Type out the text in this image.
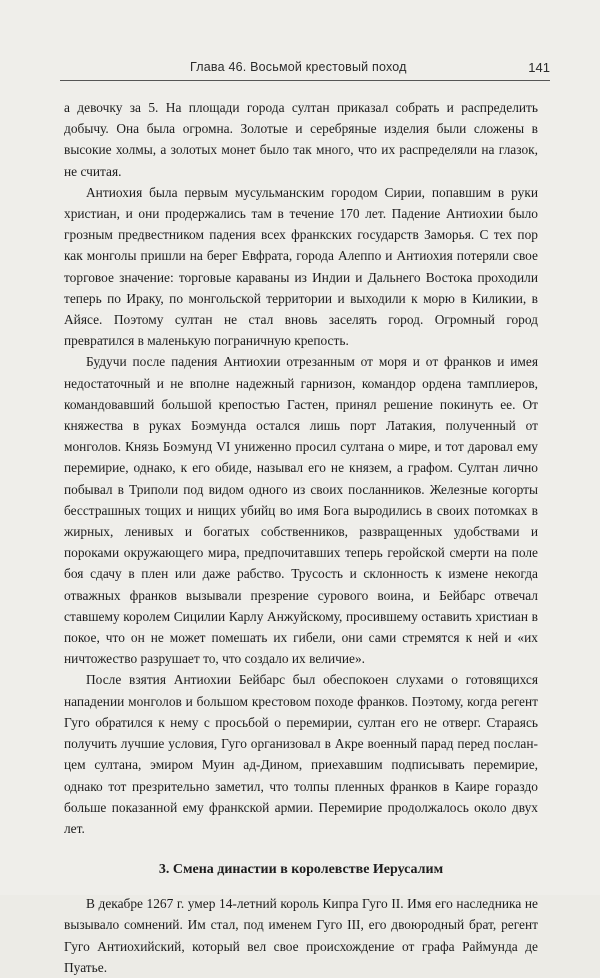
Глава 46. Восьмой крестовый поход	141

а девочку за 5. На площади города султан приказал собрать и распределить добычу. Она была огромна. Золотые и серебряные изделия были сложены в высокие холмы, а золотых монет было так много, что их распределяли на глазок, не считая.

Антиохия была первым мусульманским городом Сирии, попавшим в руки христиан, и они продержались там в течение 170 лет. Падение Антиохии было грозным предвестником падения всех франкских государств Заморья. С тех пор как монголы пришли на берег Евфрата, города Алеппо и Антиохия потеряли свое торговое значение: торговые караваны из Индии и Дальнего Востока проходили теперь по Ираку, по монгольской территории и выходили к морю в Киликии, в Айясе. Поэтому султан не стал вновь заселять город. Огромный город превратился в маленькую пограничную крепость.

Будучи после падения Антиохии отрезанным от моря и от франков и имея недостаточный и не вполне надежный гарнизон, командор ордена тамплиеров, командовавший большой крепостью Гастен, принял решение покинуть ее. От княжества в руках Боэмунда остался лишь порт Латакия, полученный от монголов. Князь Боэмунд VI униженно просил султана о мире, и тот даровал ему перемирие, однако, к его обиде, называл его не князем, а графом. Султан лично побывал в Триполи под видом одного из своих посланников. Железные когорты бесстрашных тощих и нищих убийц во имя Бога выродились в своих потомках в жирных, ленивых и богатых собственников, развращенных удобствами и пороками окружающего мира, предпочитавших теперь геройской смерти на поле боя сдачу в плен или даже рабство. Трусость и склонность к измене некогда отважных франков вызывали презрение сурового воина, и Бейбарс отвечал ставшему королем Сицилии Карлу Анжуйскому, просившему оставить христиан в покое, что он не может помешать их гибели, они сами стремятся к ней и «их ничтожество разрушает то, что создало их величие».

После взятия Антиохии Бейбарс был обеспокоен слухами о готовящихся нападении монголов и большом крестовом походе франков. Поэтому, когда регент Гуго обратился к нему с просьбой о перемирии, султан его не отверг. Стараясь получить лучшие условия, Гуго организовал в Акре военный парад перед посланцем султана, эмиром Муин ад-Дином, приехавшим подписывать перемирие, однако тот презрительно заметил, что толпы пленных франков в Каире гораздо больше показанной ему франкской армии. Перемирие продолжалось около двух лет.

3. Смена династии в королевстве Иерусалим

В декабре 1267 г. умер 14-летний король Кипра Гуго II. Имя его наследника не вызывало сомнений. Им стал, под именем Гуго III, его двоюродный брат, регент Гуго Антиохийский, который вел свое происхождение от графа Раймунда де Пуатье.
